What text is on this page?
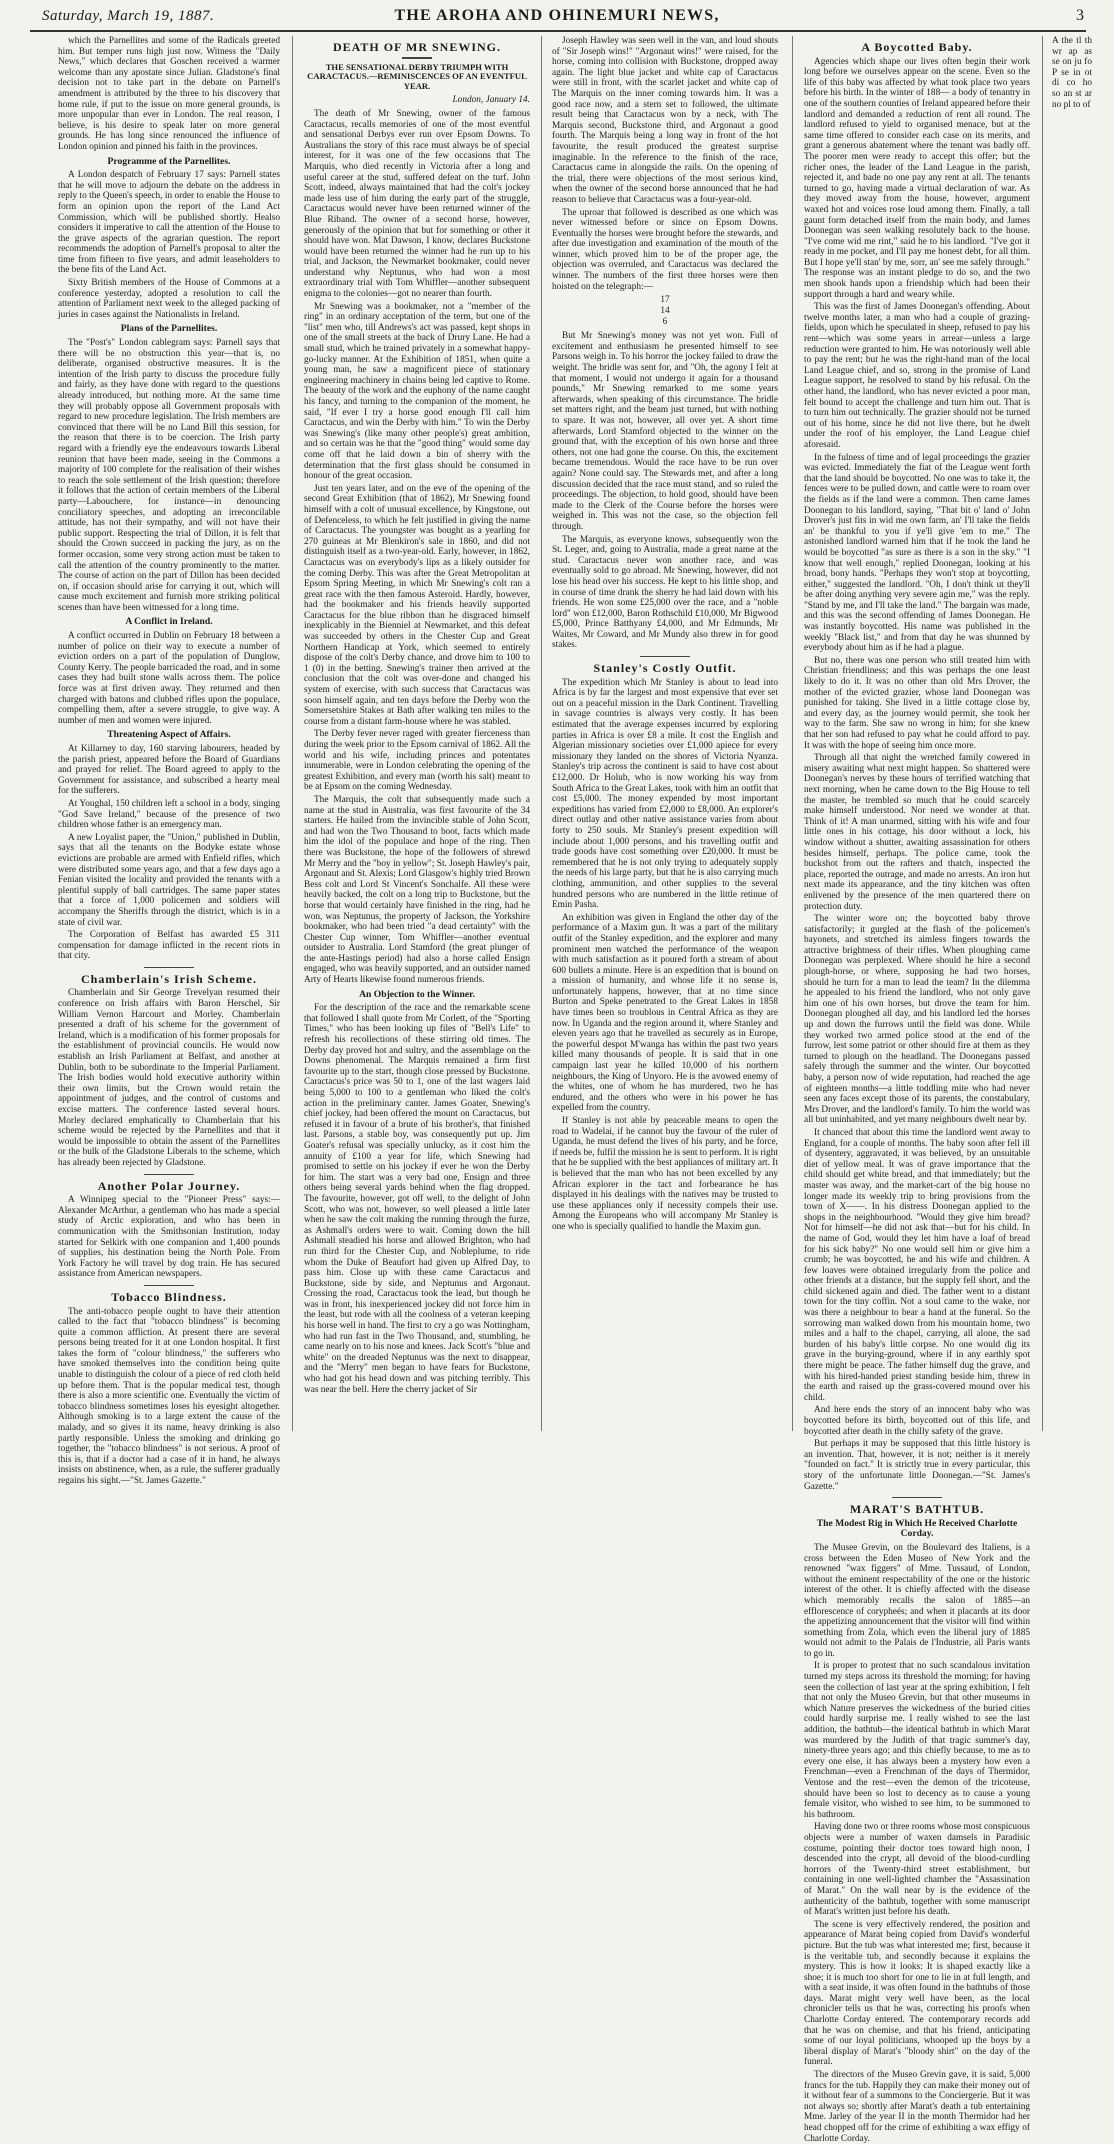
Saturday, March 19, 1887.	THE AROHA AND OHINEMURI NEWS,	3

which the Parnellites and some of the Radicals greeted him. But temper runs high just now. Witness the "Daily News," which declares that Goschen received a warmer welcome than any apostate since Julian. Gladstone's final decision not to take part in the debate on Parnell's amendment is attributed by the three to his discovery that home rule, if put to the issue on more general grounds, is more unpopular than ever in London. The real reason, I believe, is his desire to speak later on more general grounds. He has long since renounced the influence of London opinion and pinned his faith in the provinces.

Programme of the Parnellites.

A London despatch of February 17 says: Parnell states that he will move to adjourn the debate on the address in reply to the Queen's speech, in order to enable the House to form an opinion upon the report of the Land Act Commission, which will be published shortly. Healso considers it imperative to call the attention of the House to the grave aspects of the agrarian question. The report recommends the adoption of Parnell's proposal to alter the time from fifteen to five years, and admit leaseholders to the bene fits of the Land Act.

Sixty British members of the House of Commons at a conference yesterday, adopted a resolution to call the attention of Parliament next week to the alleged packing of juries in cases against the Nationalists in Ireland.

Plans of the Parnellites.

The "Post's" London cablegram says: Parnell says that there will be no obstruction this year—that is, no deliberate, organised obstructive measures. It is the intention of the Irish party to discuss the procedure fully and fairly, as they have done with regard to the questions already introduced, but nothing more. At the same time they will probably oppose all Government proposals with regard to new procedure legislation. The Irish members are convinced that there will be no Land Bill this session, for the reason that there is to be coercion. The Irish party regard with a friendly eye the endeavours towards Liberal reunion that have been made, seeing in the Commons a majority of 100 complete for the realisation of their wishes to reach the sole settlement of the Irish question; therefore it follows that the action of certain members of the Liberal party—Labouchere, for instance—in denouncing conciliatory speeches, and adopting an irreconcilable attitude, has not their sympathy, and will not have their public support. Respecting the trial of Dillon, it is felt that should the Crown succeed in packing the jury, as on the former occasion, some very strong action must be taken to call the attention of the country prominently to the matter. The course of action on the part of Dillon has been decided on, if occasion should arise for carrying it out, which will cause much excitement and furnish more striking political scenes than have been witnessed for a long time.

A Conflict in Ireland.

A conflict occurred in Dublin on February 18 between a number of police on their way to execute a number of eviction orders on a part of the population of Dunglow, County Kerry. The people barricaded the road, and in some cases they had built stone walls across them. The police force was at first driven away. They returned and then charged with batons and clubbed rifles upon the populace, compelling them, after a severe struggle, to give way. A number of men and women were injured.

Threatening Aspect of Affairs.

At Killarney to day, 160 starving labourers, headed by the parish priest, appeared before the Board of Guardians and prayed for relief. The Board agreed to apply to the Government for assistance, and subscribed a hearty meal for the sufferers.

At Youghal, 150 children left a school in a body, singing "God Save Ireland," because of the presence of two children whose father is an emergency man.

A new Loyalist paper, the "Union," published in Dublin, says that all the tenants on the Bodyke estate whose evictions are probable are armed with Enfield rifles, which were distributed some years ago, and that a few days ago a Fenian visited the locality and provided the tenants with a plentiful supply of ball cartridges. The same paper states that a force of 1,000 policemen and soldiers will accompany the Sheriffs through the district, which is in a state of civil war.

The Corporation of Belfast has awarded £5 311 compensation for damage inflicted in the recent riots in that city.

Chamberlain's Irish Scheme.

Chamberlain and Sir George Trevelyan resumed their conference on Irish affairs with Baron Herschel, Sir William Vernon Harcourt and Morley. Chamberlain presented a draft of his scheme for the government of Ireland, which is a modification of his former proposals for the establishment of provincial councils. He would now establish an Irish Parliament at Belfast, and another at Dublin, both to be subordinate to the Imperial Parliament. The Irish bodies would hold executive authority within their own limits, but the Crown would retain the appointment of judges, and the control of customs and excise matters. The conference lasted several hours. Morley declared emphatically to Chamberlain that his scheme would be rejected by the Parnellites and that it would be impossible to obtain the assent of the Parnellites or the bulk of the Gladstone Liberals to the scheme, which has already been rejected by Gladstone.

Another Polar Journey.

A Winnipeg special to the "Pioneer Press" says:—Alexander McArthur, a gentleman who has made a special study of Arctic exploration, and who has been in communication with the Smithsonian Institution, today started for Selkirk with one companion and 1,400 pounds of supplies, his destination being the North Pole. From York Factory he will travel by dog train. He has secured assistance from American newspapers.

Tobacco Blindness.

The anti-tobacco people ought to have their attention called to the fact that "tobacco blindness" is becoming quite a common affliction. At present there are several persons being treated for it at one London hospital. It first takes the form of "colour blindness," the sufferers who have smoked themselves into the condition being quite unable to distinguish the colour of a piece of red cloth held up before them. That is the popular medical test, though there is also a more scientific one. Eventually the victim of tobacco blindness sometimes loses his eyesight altogether. Although smoking is to a large extent the cause of the malady, and so gives it its name, heavy drinking is also partly responsible. Unless the smoking and drinking go together, the "tobacco blindness" is not serious. A proof of this is, that if a doctor had a case of it in hand, he always insists on abstinence, when, as a rule, the sufferer gradually regains his sight.—"St. James Gazette."

DEATH OF MR SNEWING.
THE SENSATIONAL DERBY TRIUMPH WITH CARACTACUS.—REMINISCENCES OF AN EVENTFUL YEAR.
London, January 14.

The death of Mr Snewing, owner of the famous Caractacus, recalls memories of one of the most eventful and sensational Derbys ever run over Epsom Downs. To Australians the story of this race must always be of special interest, for it was one of the few occasions that The Marquis, who died recently in Victoria after a long and useful career at the stud, suffered defeat on the turf. John Scott, indeed, always maintained that had the colt's jockey made less use of him during the early part of the struggle, Caractacus would never have been returned winner of the Blue Riband. The owner of a second horse, however, generously of the opinion that but for something or other it should have won. Mat Dawson, I know, declares Buckstone would have been returned the winner had he run up to his trial, and Jackson, the Newmarket bookmaker, could never understand why Neptunus, who had won a most extraordinary trial with Tom Whiffler—another subsequent enigma to the colonies—got no nearer than fourth.

Mr Snewing was a bookmaker, not a "member of the ring" in an ordinary acceptation of the term, but one of the "list" men who, till Andrews's act was passed, kept shops in one of the small streets at the back of Drury Lane. He had a small stud, which he trained privately in a somewhat happy-go-lucky manner. At the Exhibition of 1851, when quite a young man, he saw a magnificent piece of stationary engineering machinery in chains being led captive to Rome. The beauty of the work and the euphony of the name caught his fancy, and turning to the companion of the moment, he said, "If ever I try a horse good enough I'll call him Caractacus, and win the Derby with him." To win the Derby was Snewing's (like many other people's) great ambition, and so certain was he that the "good thing" would some day come off that he laid down a bin of sherry with the determination that the first glass should be consumed in honour of the great occasion.

Just ten years later, and on the eve of the opening of the second Great Exhibition (that of 1862), Mr Snewing found himself with a colt of unusual excellence, by Kingstone, out of Defenceless, to which he felt justified in giving the name of Caractacus. The youngster was bought as a yearling for 270 guineas at Mr Blenkiron's sale in 1860, and did not distinguish itself as a two-year-old. Early, however, in 1862, Caractacus was on everybody's lips as a likely outsider for the coming Derby. This was after the Great Metropolitan at Epsom Spring Meeting, in which Mr Snewing's colt ran a great race with the then famous Asteroid. Hardly, however, had the bookmaker and his friends heavily supported Caractacus for the blue ribbon than he disgraced himself inexplicably in the Bienniel at Newmarket, and this defeat was succeeded by others in the Chester Cup and Great Northern Handicap at York, which seemed to entirely dispose of the colt's Derby chance, and drove him to 100 to 1 (0) in the betting. Snewing's trainer then arrived at the conclusion that the colt was over-done and changed his system of exercise, with such success that Caractacus was soon himself again, and ten days before the Derby won the Somersetshire Stakes at Bath after walking ten miles to the course from a distant farm-house where he was stabled.

The Derby fever never raged with greater fierceness than during the week prior to the Epsom carnival of 1862. All the world and his wife, including princes and potentates innumerable, were in London celebrating the opening of the greatest Exhibition, and every man (worth his salt) meant to be at Epsom on the coming Wednesday.

The Marquis, the colt that subsequently made such a name at the stud in Australia, was first favourite of the 34 starters. He hailed from the invincible stable of John Scott, and had won the Two Thousand to boot, facts which made him the idol of the populace and hope of the ring. Then there was Buckstone, the hope of the followers of shrewd Mr Merry and the "boy in yellow"; St. Joseph Hawley's pair, Argonaut and St. Alexis; Lord Glasgow's highly tried Brown Bess colt and Lord St Vincent's Sonchalfe. All these were heavily backed, the colt on a long trip to Buckstone, but the horse that would certainly have finished in the ring, had he won, was Neptunus, the property of Jackson, the Yorkshire bookmaker, who had been tried "a dead certainty" with the Chester Cup winner, Tom Whiffler—another eventual outsider to Australia. Lord Stamford (the great plunger of the ante-Hastings period) had also a horse called Ensign engaged, who was heavily supported, and an outsider named Arty of Hearts likewise found numerous friends.

An Objection to the Winner.

For the description of the race and the remarkable scene that followed I shall quote from Mr Corlett, of the "Sporting Times," who has been looking up files of "Bell's Life" to refresh his recollections of these stirring old times. The Derby day proved hot and sultry, and the assemblage on the Downs phenomenal. The Marquis remained a firm first favourite up to the start, though close pressed by Buckstone. Caractacus's price was 50 to 1, one of the last wagers laid being 5,000 to 100 to a gentleman who liked the colt's action in the preliminary canter. James Goater, Snewing's chief jockey, had been offered the mount on Caractacus, but refused it in favour of a brute of his brother's, that finished last. Parsons, a stable boy, was consequently put up. Jim Goater's refusal was specially unlucky, as it cost him the annuity of £100 a year for life, which Snewing had promised to settle on his jockey if ever he won the Derby for him. The start was a very bad one, Ensign and three others being several yards behind when the flag dropped. The favourite, however, got off well, to the delight of John Scott, who was not, however, so well pleased a little later when he saw the colt making the running through the furze, as Ashmall's orders were to wait. Coming down the hill Ashmall steadied his horse and allowed Brighton, who had run third for the Chester Cup, and Nobleplume, to ride whom the Duke of Beaufort had given up Alfred Day, to pass him. Close up with these came Caractacus and Buckstone, side by side, and Neptunus and Argonaut. Crossing the road, Caractacus took the lead, but though he was in front, his inexperienced jockey did not force him in the least, but rode with all the coolness of a veteran keeping his horse well in hand. The first to cry a go was Nottingham, who had run fast in the Two Thousand, and, stumbling, he came nearly on to his nose and knees. Jack Scott's "blue and white" on the dreaded Neptunus was the next to disappear, and the "Merry" men began to have fears for Buckstone, who had got his head down and was pitching terribly. This was near the bell. Here the cherry jacket of Sir

Joseph Hawley was seen well in the van, and loud shouts of "Sir Joseph wins!" "Argonaut wins!" were raised, for the horse, coming into collision with Buckstone, dropped away again. The light blue jacket and white cap of Caractacus were still in front, with the scarlet jacket and white cap of The Marquis on the inner coming towards him. It was a good race now, and a stern set to followed, the ultimate result being that Caractacus won by a neck, with The Marquis second, Buckstone third, and Argonaut a good fourth. The Marquis being a long way in front of the hot favourite, the result produced the greatest surprise imaginable. In the reference to the finish of the race, Caractacus came in alongside the rails. On the opening of the trial, there were objections of the most serious kind, when the owner of the second horse announced that he had reason to believe that Caractacus was a four-year-old.

The uproar that followed is described as one which was never witnessed before or since on Epsom Downs. Eventually the horses were brought before the stewards, and after due investigation and examination of the mouth of the winner, which proved him to be of the proper age, the objection was overruled, and Caractacus was declared the winner. The numbers of the first three horses were then hoisted on the telegraph:—

17
14
6

But Mr Snewing's money was not yet won. Full of excitement and enthusiasm he presented himself to see Parsons weigh in. To his horror the jockey failed to draw the weight. The bridle was sent for, and "Oh, the agony I felt at that moment, I would not undergo it again for a thousand pounds," Mr Snewing remarked to me some years afterwards, when speaking of this circumstance. The bridle set matters right, and the beam just turned, but with nothing to spare. It was not, however, all over yet. A short time afterwards, Lord Stamford objected to the winner on the ground that, with the exception of his own horse and three others, not one had gone the course. On this, the excitement became tremendous. Would the race have to be run over again? None could say. The Stewards met, and after a long discussion decided that the race must stand, and so ruled the proceedings. The objection, to hold good, should have been made to the Clerk of the Course before the horses were weighed in. This was not the case, so the objection fell through.

The Marquis, as everyone knows, subsequently won the St. Leger, and, going to Australia, made a great name at the stud. Caractacus never won another race, and was eventually sold to go abroad. Mr Snewing, however, did not lose his head over his success. He kept to his little shop, and in course of time drank the sherry he had laid down with his friends. He won some £25,000 over the race, and a "noble lord" won £12,000, Baron Rothschild £10,000, Mr Bigwood £5,000, Prince Batthyany £4,000, and Mr Edmunds, Mr Waites, Mr Coward, and Mr Mundy also threw in for good stakes.

Stanley's Costly Outfit.

The expedition which Mr Stanley is about to lead into Africa is by far the largest and most expensive that ever set out on a peaceful mission in the Dark Continent. Travelling in savage countries is always very costly. It has been estimated that the average expenses incurred by exploring parties in Africa is over £8 a mile. It cost the English and Algerian missionary societies over £1,000 apiece for every missionary they landed on the shores of Victoria Nyanza. Stanley's trip across the continent is said to have cost about £12,000. Dr Holub, who is now working his way from South Africa to the Great Lakes, took with him an outfit that cost £5,000. The money expended by most important expeditions has varied from £2,000 to £8,000. An explorer's direct outlay and other native assistance varies from about forty to 250 souls. Mr Stanley's present expedition will include about 1,000 persons, and his travelling outfit and trade goods have cost something over £20,000. It must be remembered that he is not only trying to adequately supply the needs of his large party, but that he is also carrying much clothing, ammunition, and other supplies to the several hundred persons who are numbered in the little retinue of Emin Pasha.

An exhibition was given in England the other day of the performance of a Maxim gun. It was a part of the military outfit of the Stanley expedition, and the explorer and many prominent men watched the performance of the weapon with much satisfaction as it poured forth a stream of about 600 bullets a minute. Here is an expedition that is bound on a mission of humanity, and whose life it no sense is, unfortunately happens, however, that at no time since Burton and Speke penetrated to the Great Lakes in 1858 have times been so troublous in Central Africa as they are now. In Uganda and the region around it, where Stanley and eleven years ago that he travelled as securely as in Europe, the powerful despot M'wanga has within the past two years killed many thousands of people. It is said that in one campaign last year he killed 10,000 of his northern neighbours, the King of Unyoro. He is the avowed enemy of the whites, one of whom he has murdered, two he has endured, and the others who were in his power he has expelled from the country.

If Stanley is not able by peaceable means to open the road to Wadelai, if he cannot buy the favour of the ruler of Uganda, he must defend the lives of his party, and he force, if needs be, fulfil the mission he is sent to perform. It is right that he be supplied with the best appliances of military art. It is believed that the man who has not been excelled by any African explorer in the tact and forbearance he has displayed in his dealings with the natives may be trusted to use these appliances only if necessity compels their use. Among the Europeans who will accompany Mr Stanley is one who is specially qualified to handle the Maxim gun.

A Boycotted Baby.

Agencies which shape our lives often begin their work long before we ourselves appear on the scene. Even so the life of this baby was affected by what took place two years before his birth. In the winter of 188— a body of tenantry in one of the southern counties of Ireland appeared before their landlord and demanded a reduction of rent all round. The landlord refused to yield to organised menace, but at the same time offered to consider each case on its merits, and grant a generous abatement where the tenant was badly off. The poorer men were ready to accept this offer; but the richer ones, the leader of the Land League in the parish, rejected it, and bade no one pay any rent at all. The tenants turned to go, having made a virtual declaration of war. As they moved away from the house, however, argument waxed hot and voices rose loud among them. Finally, a tall gaunt form detached itself from the main body, and James Doonegan was seen walking resolutely back to the house. "I've come wid me rint," said he to his landlord. "I've got it ready in me pocket, and I'll pay me honest debt, for all thim. But I hope ye'll stan' by me, sorr, an' see me safely through." The response was an instant pledge to do so, and the two men shook hands upon a friendship which had been their support through a hard and weary while.

This was the first of James Doonegan's offending. About twelve months later, a man who had a couple of grazing-fields, upon which he speculated in sheep, refused to pay his rent—which was some years in arrear—unless a large reduction were granted to him. He was notoriously well able to pay the rent; but he was the right-hand man of the local Land League chief, and so, strong in the promise of Land League support, he resolved to stand by his refusal. On the other hand, the landlord, who has never evicted a poor man, felt bound to accept the challenge and turn him out. That is to turn him out technically. The grazier should not be turned out of his home, since he did not live there, but he dwelt under the roof of his employer, the Land League chief aforesaid.

In the fulness of time and of legal proceedings the grazier was evicted. Immediately the fiat of the League went forth that the land should be boycotted. No one was to take it, the fences were to be pulled down, and cattle were to roam over the fields as if the land were a common. Then came James Doonegan to his landlord, saying, "That bit o' land o' John Drover's just fits in wid me own farm, an' I'll take the fields an' be thankful to you if ye'll give 'em to me." The astonished landlord warned him that if he took the land he would be boycotted "as sure as there is a son in the sky." "I know that well enough," replied Doonegan, looking at his broad, bony hands. "Perhaps they won't stop at boycotting, either," suggested the landlord. "Oh, I don't think ut they'll be after doing anything very severe agin me," was the reply. "Stand by me, and I'll take the land." The bargain was made, and this was the second offending of James Doonegan. He was instantly boycotted. His name was published in the weekly "Black list," and from that day he was shunned by everybody about him as if he had a plague.

But no, there was one person who still treated him with Christian friendliness; and this was perhaps the one least likely to do it. It was no other than old Mrs Drover, the mother of the evicted grazier, whose land Doonegan was punished for taking. She lived in a little cottage close by, and every day, as the journey would permit, she took her way to the farm. She saw no wrong in him; for she knew that her son had refused to pay what he could afford to pay. It was with the hope of seeing him once more.

Through all that night the wretched family cowered in misery awaiting what next might happen. So shattered were Doonegan's nerves by these hours of terrified watching that next morning, when he came down to the Big House to tell the master, he trembled so much that he could scarcely make himself understood. Nor need we wonder at that. Think of it! A man unarmed, sitting with his wife and four little ones in his cottage, his door without a lock, his window without a shutter, awaiting assassination for others besides himself, perhaps. The police came, took the buckshot from out the rafters and thatch, inspected the place, reported the outrage, and made no arrests. An iron hut next made its appearance, and the tiny kitchen was often enlivened by the presence of the men quartered there on protection duty.

The winter wore on; the boycotted baby throve satisfactorily; it gurgled at the flash of the policemen's bayonets, and stretched its aimless fingers towards the attractive brightness of their rifles. When ploughing came Doonegan was perplexed. Where should he hire a second plough-horse, or where, supposing he had two horses, should he turn for a man to lead the team? In the dilemma he appealed to his friend the landlord, who not only gave him one of his own horses, but drove the team for him. Doonegan ploughed all day, and his landlord led the horses up and down the furrows until the field was done. While they worked two armed police stood at the end of the furrow, lest some patriot or other should fire at them as they turned to plough on the headland. The Doonegans passed safely through the summer and the winter. Our boycotted baby, a person now of wide reputation, had reached the age of eighteen months—a little toddling mite who had never seen any faces except those of its parents, the constabulary, Mrs Drover, and the landlord's family. To him the world was all but uninhabited, and yet many neighbours dwelt near by.

It chanced that about this time the landlord went away to England, for a couple of months. The baby soon after fell ill of dysentery, aggravated, it was believed, by an unsuitable diet of yellow meal. It was of grave importance that the child should get white bread, and that immediately; but the master was away, and the market-cart of the big house no longer made its weekly trip to bring provisions from the town of X——. In his distress Doonegan applied to the shops in the neighbourhood. "Would they give him bread? Not for himself—he did not ask that—but for his child. In the name of God, would they let him have a loaf of bread for his sick baby?" No one would sell him or give him a crumb; he was boycotted, he and his wife and children. A few loaves were obtained irregularly from the police and other friends at a distance, but the supply fell short, and the child sickened again and died. The father went to a distant town for the tiny coffin. Not a soul came to the wake, nor was there a neighbour to bear a hand at the funeral. So the sorrowing man walked down from his mountain home, two miles and a half to the chapel, carrying, all alone, the sad burden of his baby's little corpse. No one would dig its grave in the burying-ground, where if in any earthly spot there might be peace. The father himself dug the grave, and with his hired-handed priest standing beside him, threw in the earth and raised up the grass-covered mound over his child.

And here ends the story of an innocent baby who was boycotted before its birth, boycotted out of this life, and boycotted after death in the chilly safety of the grave.

But perhaps it may be supposed that this little history is an invention. That, however, it is not; neither is it merely "founded on fact." It is strictly true in every particular, this story of the unfortunate little Doonegan.—"St. James's Gazette."

MARAT'S BATHTUB.
The Modest Rig in Which He Received Charlotte Corday.

The Musee Grevin, on the Boulevard des Italiens, is a cross between the Eden Museo of New York and the renowned "wax figgers" of Mme. Tussaud, of London, without the eminent respectability of the one or the historic interest of the other. It is chiefly affected with the disease which memorably recalls the salon of 1885—an efflorescence of corypheés; and when it placards at its door the appetizing announcement that the visitor will find within something from Zola, which even the liberal jury of 1885 would not admit to the Palais de l'Industrie, all Paris wants to go in.

It is proper to protest that no such scandalous invitation turned my steps across its threshold the morning; for having seen the collection of last year at the spring exhibition, I felt that not only the Museo Grevin, but that other museums in which Nature preserves the wickedness of the buried cities could hardly surprise me. I really wished to see the last addition, the bathtub—the identical bathtub in which Marat was murdered by the Judith of that tragic summer's day, ninety-three years ago; and this chiefly because, to me as to every one else, it has always been a mystery how even a Frenchman—even a Frenchman of the days of Thermidor, Ventose and the rest—even the demon of the tricoteuse, should have been so lost to decency as to cause a young female visitor, who wished to see him, to be summoned to his bathroom.

Having done two or three rooms whose most conspicuous objects were a number of waxen damsels in Paradisic costume, pointing their doctor toes toward high noon, I descended into the crypt, all devoid of the blood-curdling horrors of the Twenty-third street establishment, but containing in one well-lighted chamber the "Assassination of Marat." On the wall near by is the evidence of the authenticity of the bathtub, together with some manuscript of Marat's written just before his death.

The scene is very effectively rendered, the position and appearance of Marat being copied from David's wonderful picture. But the tub was what interested me; first, because it is the veritable tub, and secondly because it explains the mystery. This is how it looks: It is shaped exactly like a shoe; it is much too short for one to lie in at full length, and with a seat inside, it was often found in the bathtubs of those days. Marat might very well have been, as the local chronicler tells us that he was, correcting his proofs when Charlotte Corday entered. The contemporary records add that he was on chemise, and that his friend, anticipating some of our loyal politicians, whooped up the boys by a liberal display of Marat's "bloody shirt" on the day of the funeral.

The directors of the Museo Grevin gave, it is said, 5,000 francs for the tub. Happily they can make their money out of it without fear of a summons to the Conciergerie. But it was not always so; shortly after Marat's death a tub entertaining Mme. Jarley of the year II in the month Thermidor had her head chopped off for the crime of exhibiting a wax effigy of Charlotte Corday.

A the tl th wr ap as se on ju fo P se in ot di co ho so an st ar no pl to of
